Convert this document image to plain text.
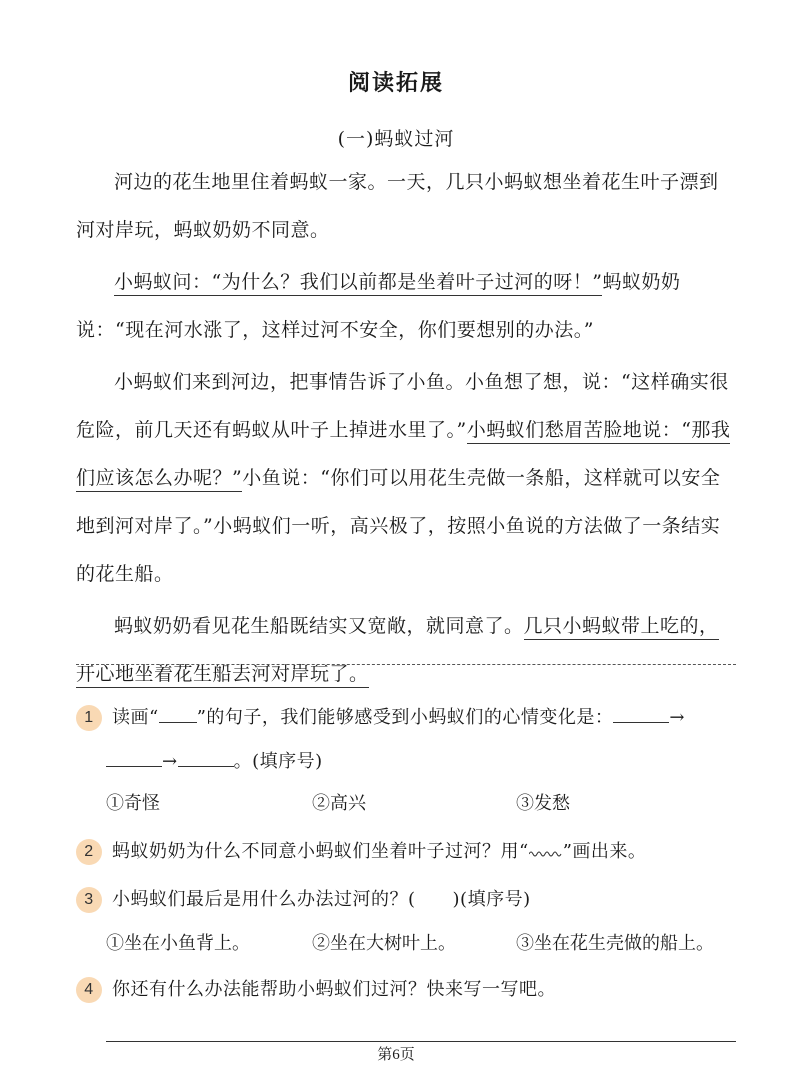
阅读拓展
(一)蚂蚁过河

河边的花生地里住着蚂蚁一家。一天，几只小蚂蚁想坐着花生叶子漂到河对岸玩，蚂蚁奶奶不同意。

小蚂蚁问：“为什么？我们以前都是坐着叶子过河的呀！”蚂蚁奶奶说：“现在河水涨了，这样过河不安全，你们要想别的办法。”

小蚂蚁们来到河边，把事情告诉了小鱼。小鱼想了想，说：“这样确实很危险，前几天还有蚂蚁从叶子上掉进水里了。”小蚂蚁们愁眉苦脸地说：“那我们应该怎么办呢？”小鱼说：“你们可以用花生壳做一条船，这样就可以安全地到河对岸了。”小蚂蚁们一听，高兴极了，按照小鱼说的方法做了一条结实的花生船。

蚂蚁奶奶看见花生船既结实又宽敞，就同意了。几只小蚂蚁带上吃的，开心地坐着花生船去河对岸玩了。

1 读画“ ”的句子，我们能够感受到小蚂蚁们的心情变化是：	→
→	。(填序号)
①奇怪	②高兴	③发愁
2 蚂蚁奶奶为什么不同意小蚂蚁们坐着叶子过河？用“ ”画出来。
3 小蚂蚁们最后是用什么办法过河的？(　　)(填序号)
①坐在小鱼背上。	②坐在大树叶上。	③坐在花生壳做的船上。
4 你还有什么办法能帮助小蚂蚁们过河？快来写一写吧。
第6页
